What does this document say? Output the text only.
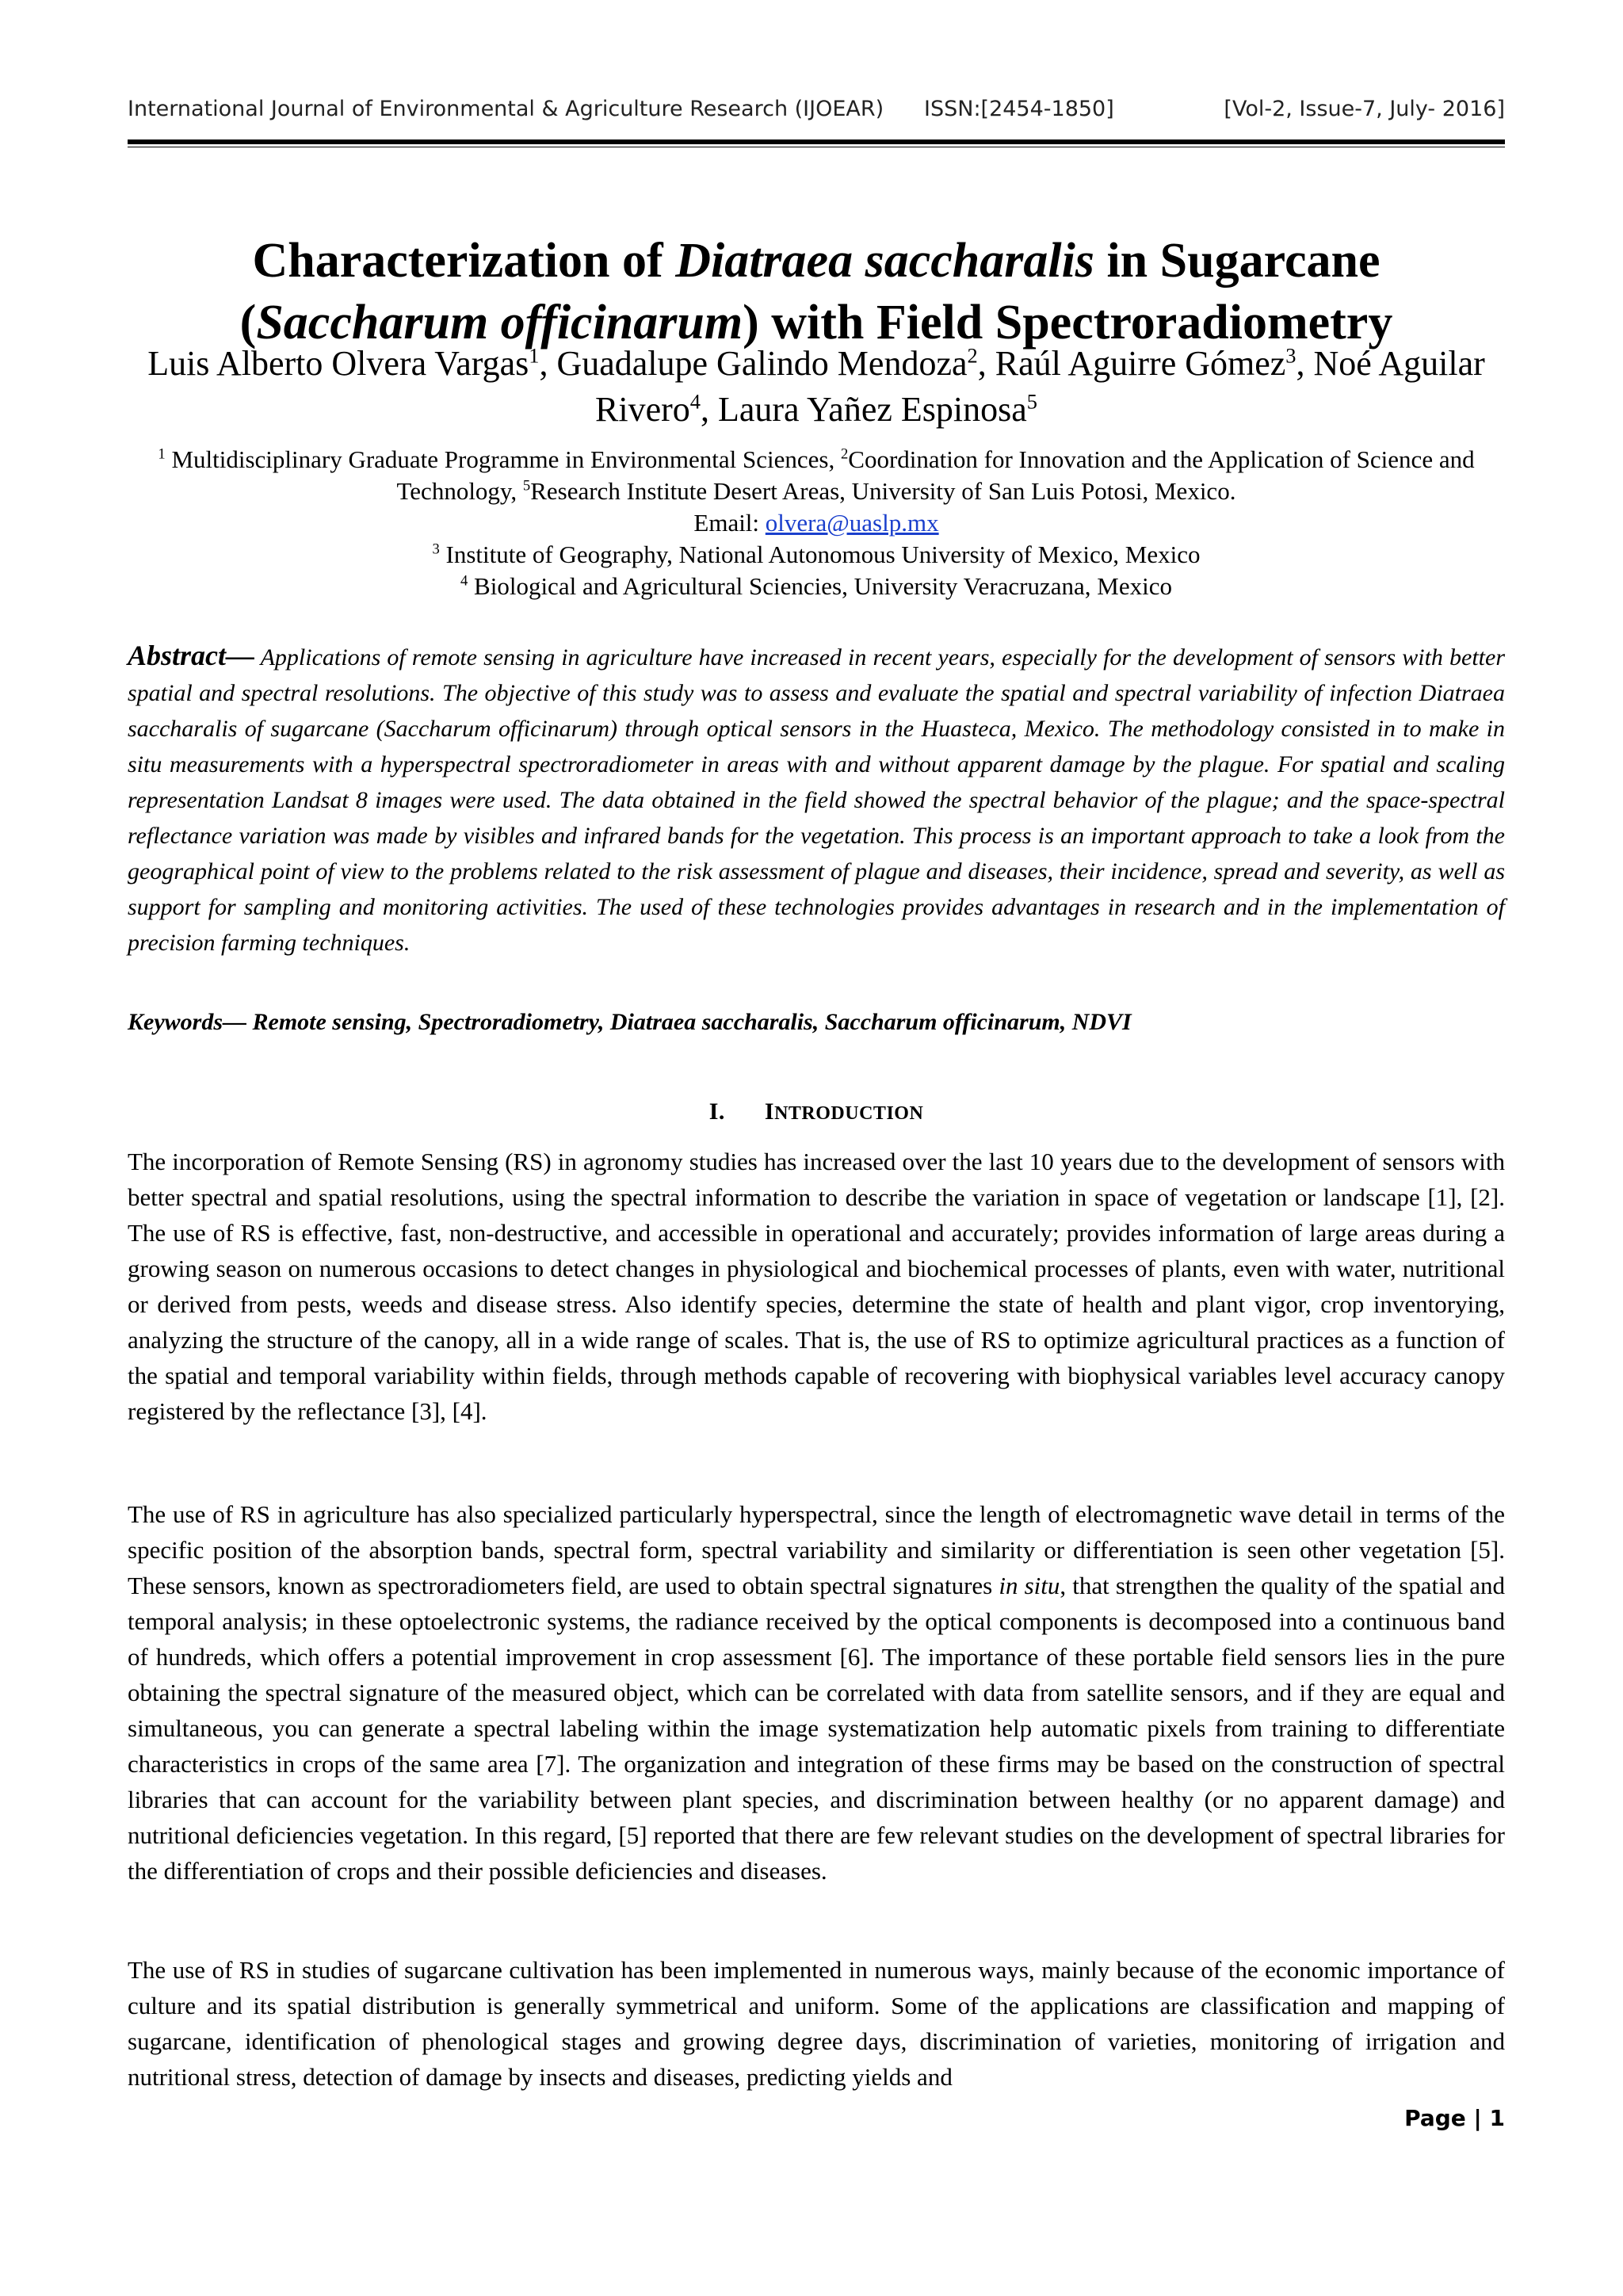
International Journal of Environmental & Agriculture Research (IJOEAR) ISSN:[2454-1850]	[Vol-2, Issue-7, July- 2016]
Characterization of Diatraea saccharalis in Sugarcane
(Saccharum officinarum) with Field Spectroradiometry
Luis Alberto Olvera Vargas$^1$, Guadalupe Galindo Mendoza$^2$, Raúl Aguirre Gómez$^3$, Noé Aguilar Rivero$^4$, Laura Yañez Espinosa$^5$
$^1$ Multidisciplinary Graduate Programme in Environmental Sciences, $^2$Coordination for Innovation and the Application of Science and Technology, $^5$Research Institute Desert Areas, University of San Luis Potosi, Mexico.
Email: olvera@uaslp.mx
$^3$ Institute of Geography, National Autonomous University of Mexico, Mexico
$^4$ Biological and Agricultural Sciencies, University Veracruzana, Mexico
Abstract— Applications of remote sensing in agriculture have increased in recent years, especially for the development of sensors with better spatial and spectral resolutions. The objective of this study was to assess and evaluate the spatial and spectral variability of infection Diatraea saccharalis of sugarcane (Saccharum officinarum) through optical sensors in the Huasteca, Mexico. The methodology consisted in to make in situ measurements with a hyperspectral spectroradiometer in areas with and without apparent damage by the plague. For spatial and scaling representation Landsat 8 images were used. The data obtained in the field showed the spectral behavior of the plague; and the space-spectral reflectance variation was made by visibles and infrared bands for the vegetation. This process is an important approach to take a look from the geographical point of view to the problems related to the risk assessment of plague and diseases, their incidence, spread and severity, as well as support for sampling and monitoring activities. The used of these technologies provides advantages in research and in the implementation of precision farming techniques.
Keywords— Remote sensing, Spectroradiometry, Diatraea saccharalis, Saccharum officinarum, NDVI
I. INTRODUCTION
The incorporation of Remote Sensing (RS) in agronomy studies has increased over the last 10 years due to the development of sensors with better spectral and spatial resolutions, using the spectral information to describe the variation in space of vegetation or landscape [1], [2]. The use of RS is effective, fast, non-destructive, and accessible in operational and accurately; provides information of large areas during a growing season on numerous occasions to detect changes in physiological and biochemical processes of plants, even with water, nutritional or derived from pests, weeds and disease stress. Also identify species, determine the state of health and plant vigor, crop inventorying, analyzing the structure of the canopy, all in a wide range of scales. That is, the use of RS to optimize agricultural practices as a function of the spatial and temporal variability within fields, through methods capable of recovering with biophysical variables level accuracy canopy registered by the reflectance [3], [4].
The use of RS in agriculture has also specialized particularly hyperspectral, since the length of electromagnetic wave detail in terms of the specific position of the absorption bands, spectral form, spectral variability and similarity or differentiation is seen other vegetation [5]. These sensors, known as spectroradiometers field, are used to obtain spectral signatures in situ, that strengthen the quality of the spatial and temporal analysis; in these optoelectronic systems, the radiance received by the optical components is decomposed into a continuous band of hundreds, which offers a potential improvement in crop assessment [6]. The importance of these portable field sensors lies in the pure obtaining the spectral signature of the measured object, which can be correlated with data from satellite sensors, and if they are equal and simultaneous, you can generate a spectral labeling within the image systematization help automatic pixels from training to differentiate characteristics in crops of the same area [7]. The organization and integration of these firms may be based on the construction of spectral libraries that can account for the variability between plant species, and discrimination between healthy (or no apparent damage) and nutritional deficiencies vegetation. In this regard, [5] reported that there are few relevant studies on the development of spectral libraries for the differentiation of crops and their possible deficiencies and diseases.
The use of RS in studies of sugarcane cultivation has been implemented in numerous ways, mainly because of the economic importance of culture and its spatial distribution is generally symmetrical and uniform. Some of the applications are classification and mapping of sugarcane, identification of phenological stages and growing degree days, discrimination of varieties, monitoring of irrigation and nutritional stress, detection of damage by insects and diseases, predicting yields and
Page | 1
